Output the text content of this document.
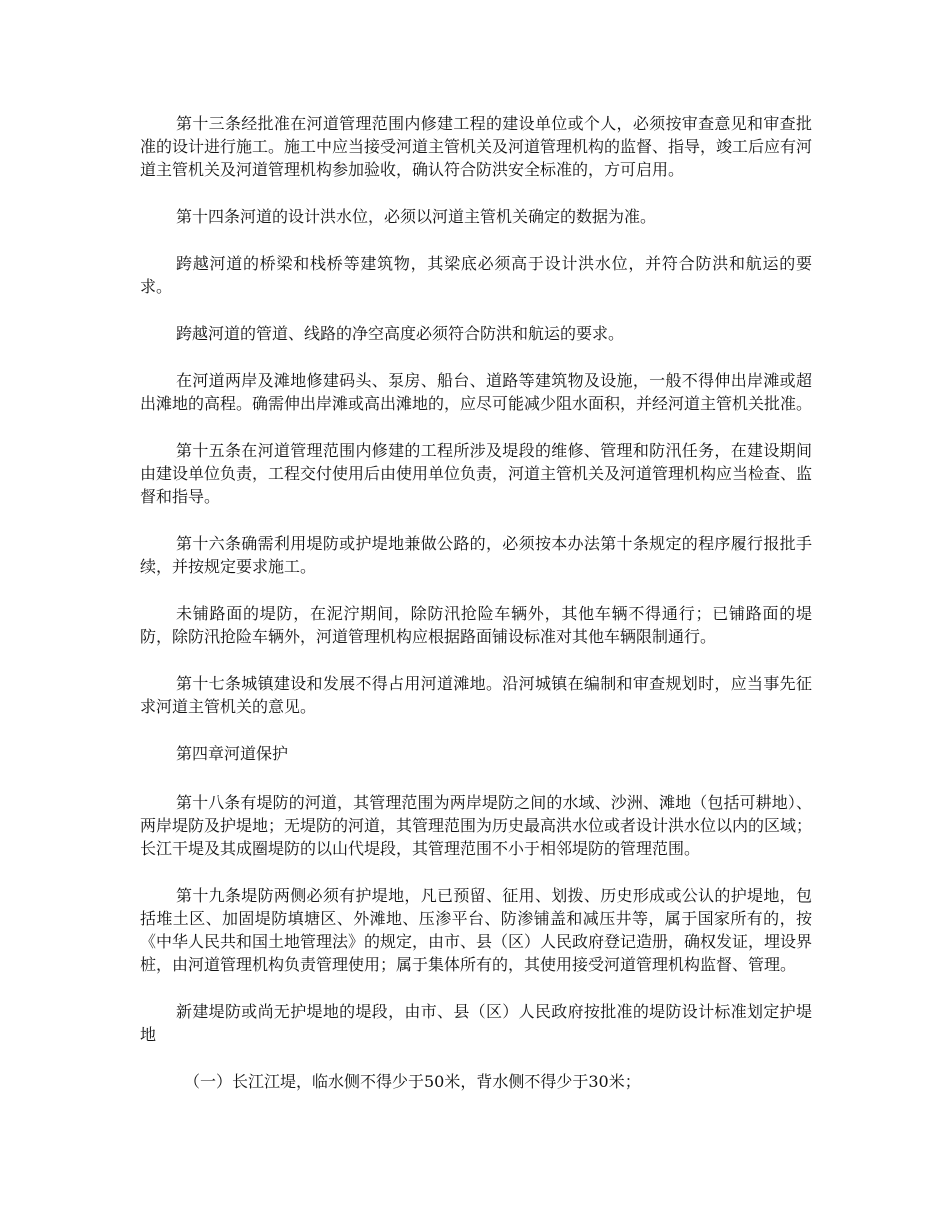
第十三条经批准在河道管理范围内修建工程的建设单位或个人，必须按审查意见和审查批准的设计进行施工。施工中应当接受河道主管机关及河道管理机构的监督、指导，竣工后应有河道主管机关及河道管理机构参加验收，确认符合防洪安全标准的，方可启用。

第十四条河道的设计洪水位，必须以河道主管机关确定的数据为准。

跨越河道的桥梁和栈桥等建筑物，其梁底必须高于设计洪水位，并符合防洪和航运的要求。

跨越河道的管道、线路的净空高度必须符合防洪和航运的要求。

在河道两岸及滩地修建码头、泵房、船台、道路等建筑物及设施，一般不得伸出岸滩或超出滩地的高程。确需伸出岸滩或高出滩地的，应尽可能减少阻水面积，并经河道主管机关批准。

第十五条在河道管理范围内修建的工程所涉及堤段的维修、管理和防汛任务，在建设期间由建设单位负责，工程交付使用后由使用单位负责，河道主管机关及河道管理机构应当检查、监督和指导。

第十六条确需利用堤防或护堤地兼做公路的，必须按本办法第十条规定的程序履行报批手续，并按规定要求施工。

未铺路面的堤防，在泥泞期间，除防汛抢险车辆外，其他车辆不得通行；已铺路面的堤防，除防汛抢险车辆外，河道管理机构应根据路面铺设标准对其他车辆限制通行。

第十七条城镇建设和发展不得占用河道滩地。沿河城镇在编制和审查规划时，应当事先征求河道主管机关的意见。

第四章河道保护

第十八条有堤防的河道，其管理范围为两岸堤防之间的水域、沙洲、滩地（包括可耕地）、两岸堤防及护堤地；无堤防的河道，其管理范围为历史最高洪水位或者设计洪水位以内的区域；长江干堤及其成圈堤防的以山代堤段，其管理范围不小于相邻堤防的管理范围。

第十九条堤防两侧必须有护堤地，凡已预留、征用、划拨、历史形成或公认的护堤地，包括堆土区、加固堤防填塘区、外滩地、压渗平台、防渗铺盖和减压井等，属于国家所有的，按《中华人民共和国土地管理法》的规定，由市、县（区）人民政府登记造册，确权发证，埋设界桩，由河道管理机构负责管理使用；属于集体所有的，其使用接受河道管理机构监督、管理。

新建堤防或尚无护堤地的堤段，由市、县（区）人民政府按批准的堤防设计标准划定护堤地

（一）长江江堤，临水侧不得少于50米，背水侧不得少于30米；
